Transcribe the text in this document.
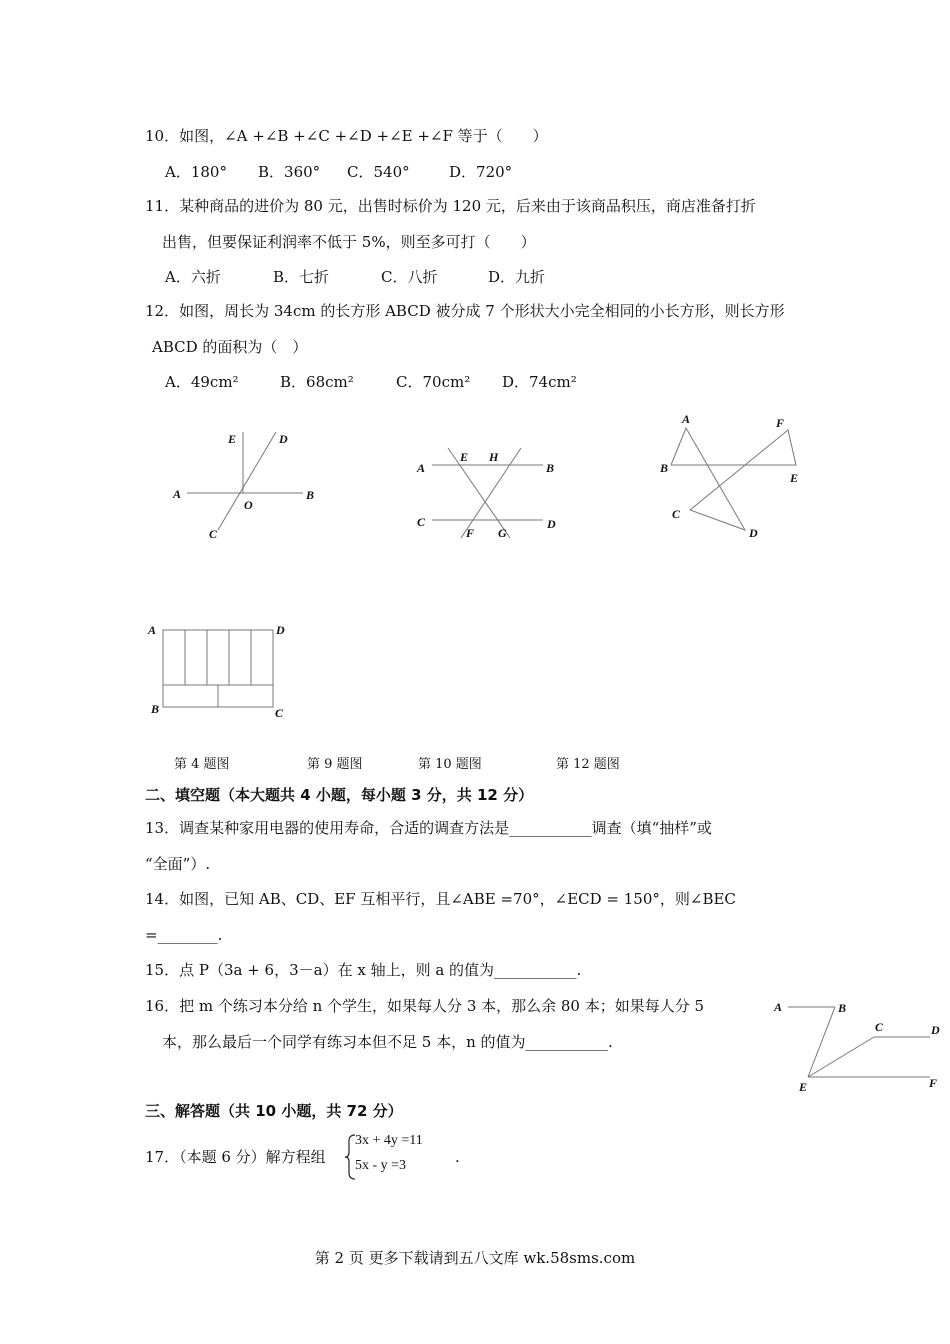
10．如图，∠A +∠B +∠C +∠D +∠E +∠F 等于（　　）
A．180° B．360° C．540°	D．720°
11．某种商品的进价为 80 元，出售时标价为 120 元，后来由于该商品积压，商店准备打折
出售，但要保证利润率不低于 5%，则至多可打（　　）
A．六折	B．七折	C．八折	D．九折
12．如图，周长为 34cm 的长方形 ABCD 被分成 7 个形状大小完全相同的小长方形，则长方形
ABCD 的面积为（　）
A．49cm²	B．68cm²	C．70cm² D．74cm²
E	D
A
O
B
C
A
E H
B
C
F G
D
A	F
B
E
C
D
A	D
B	C
A	B
C	D
E	F
第 4 题图	第 9 题图	第 10 题图	第 12 题图
二、填空题（本大题共 4 小题，每小题 3 分，共 12 分）
13．调查某种家用电器的使用寿命，合适的调查方法是___________调查（填“抽样”或
“全面”）.
14．如图，已知 AB、CD、EF 互相平行，且∠ABE =70°，∠ECD = 150°，则∠BEC
=________.
15．点 P（3a + 6，3－a）在 x 轴上，则 a 的值为___________.
16．把 m 个练习本分给 n 个学生，如果每人分 3 本，那么余 80 本；如果每人分 5
本，那么最后一个同学有练习本但不足 5 本，n 的值为___________.
三、解答题（共 10 小题，共 72 分）
17．（本题 6 分）解方程组
3x + 4y =11
5x - y =3	.
第 2 页 更多下载请到五八文库 wk.58sms.com
